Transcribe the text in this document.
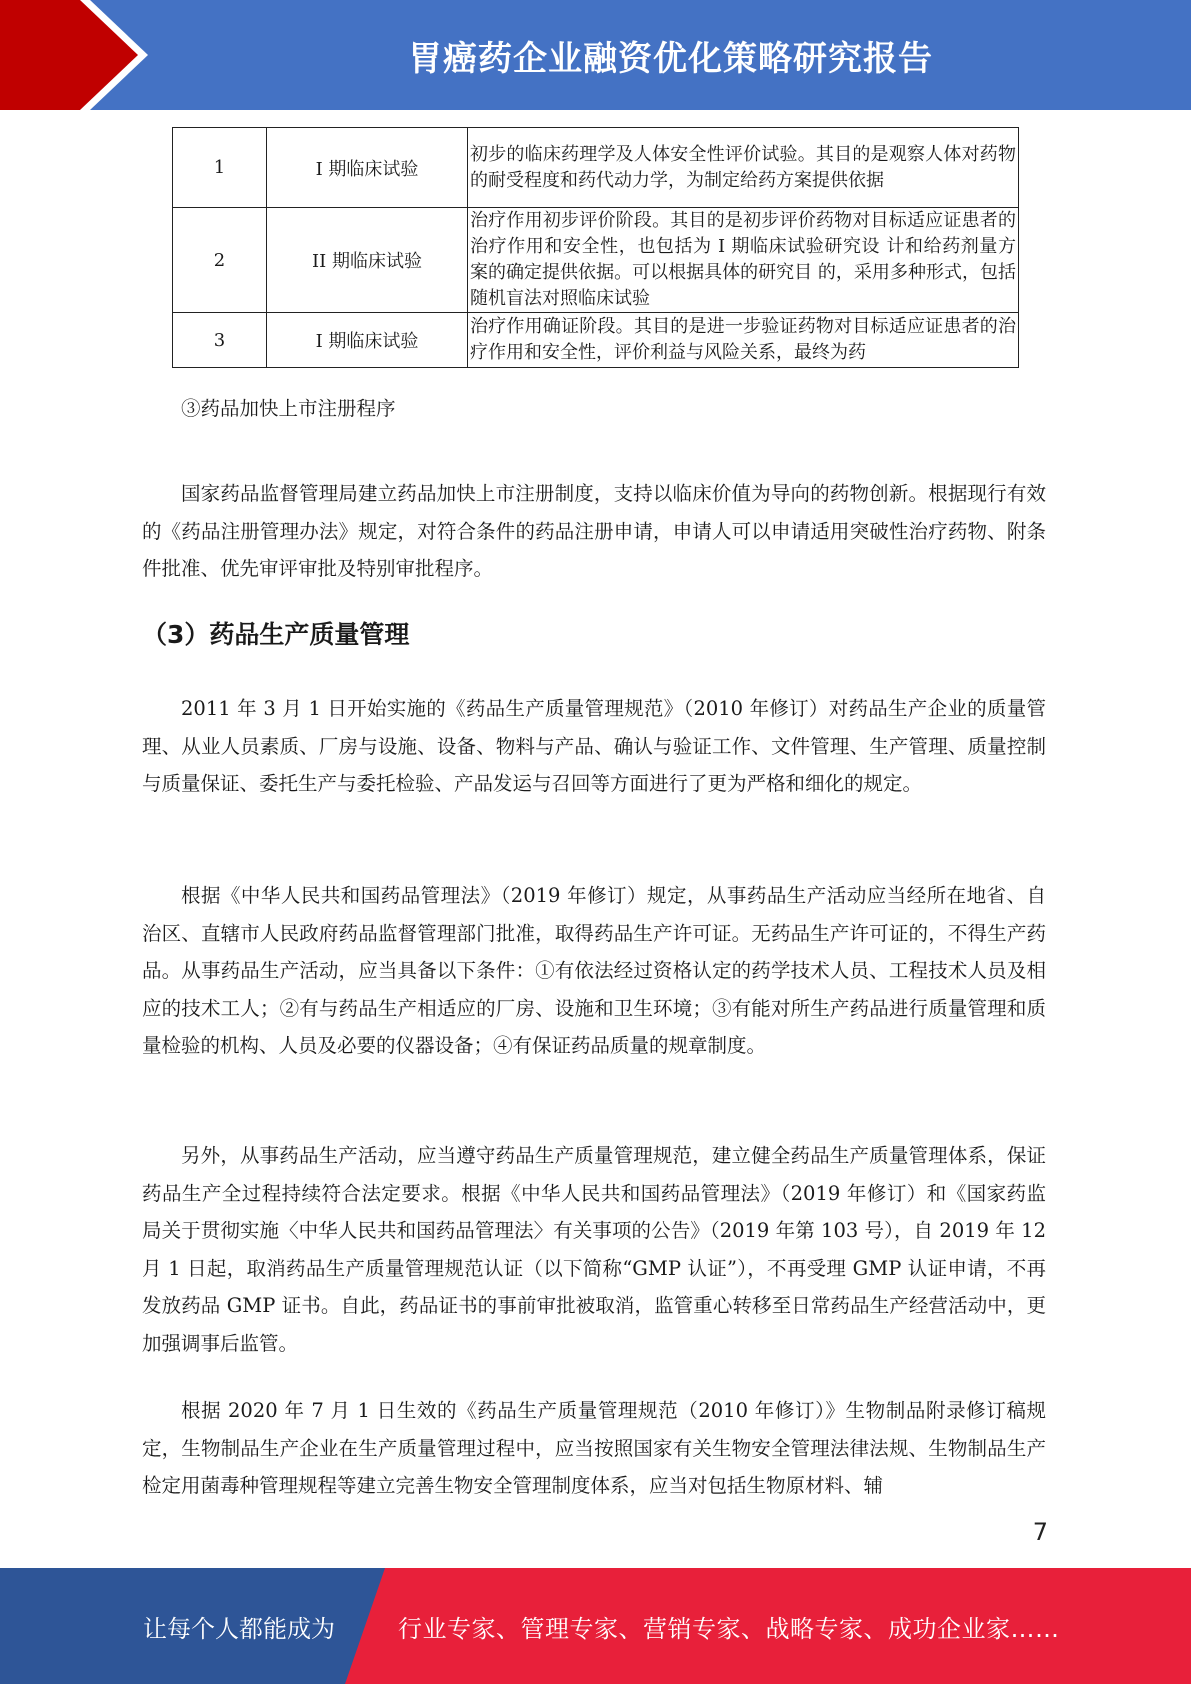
胃癌药企业融资优化策略研究报告
1	I 期临床试验	初步的临床药理学及人体安全性评价试验。其目的是观察人体对药物的耐受程度和药代动力学，为制定给药方案提供依据
2	II 期临床试验	治疗作用初步评价阶段。其目的是初步评价药物对目标适应证患者的治疗作用和安全性，也包括为 I 期临床试验研究设 计和给药剂量方案的确定提供依据。可以根据具体的研究目 的，采用多种形式，包括随机盲法对照临床试验
3	I 期临床试验	治疗作用确证阶段。其目的是进一步验证药物对目标适应证患者的治疗作用和安全性，评价利益与风险关系，最终为药
③药品加快上市注册程序

国家药品监督管理局建立药品加快上市注册制度，支持以临床价值为导向的药物创新。根据现行有效的《药品注册管理办法》规定，对符合条件的药品注册申请，申请人可以申请适用突破性治疗药物、附条件批准、优先审评审批及特别审批程序。

（3）药品生产质量管理

2011 年 3 月 1 日开始实施的《药品生产质量管理规范》（2010 年修订）对药品生产企业的质量管理、从业人员素质、厂房与设施、设备、物料与产品、确认与验证工作、文件管理、生产管理、质量控制与质量保证、委托生产与委托检验、产品发运与召回等方面进行了更为严格和细化的规定。

根据《中华人民共和国药品管理法》（2019 年修订）规定，从事药品生产活动应当经所在地省、自治区、直辖市人民政府药品监督管理部门批准，取得药品生产许可证。无药品生产许可证的，不得生产药品。从事药品生产活动，应当具备以下条件：①有依法经过资格认定的药学技术人员、工程技术人员及相应的技术工人；②有与药品生产相适应的厂房、设施和卫生环境；③有能对所生产药品进行质量管理和质量检验的机构、人员及必要的仪器设备；④有保证药品质量的规章制度。

另外，从事药品生产活动，应当遵守药品生产质量管理规范，建立健全药品生产质量管理体系，保证药品生产全过程持续符合法定要求。根据《中华人民共和国药品管理法》（2019 年修订）和《国家药监局关于贯彻实施〈中华人民共和国药品管理法〉有关事项的公告》（2019 年第 103 号），自 2019 年 12 月 1 日起，取消药品生产质量管理规范认证（以下简称“GMP 认证”），不再受理 GMP 认证申请，不再发放药品 GMP 证书。自此，药品证书的事前审批被取消，监管重心转移至日常药品生产经营活动中，更加强调事后监管。

根据 2020 年 7 月 1 日生效的《药品生产质量管理规范（2010 年修订）》生物制品附录修订稿规定，生物制品生产企业在生产质量管理过程中，应当按照国家有关生物安全管理法律法规、生物制品生产检定用菌毒种管理规程等建立完善生物安全管理制度体系，应当对包括生物原材料、辅

7
让每个人都能成为	行业专家、管理专家、营销专家、战略专家、成功企业家……
